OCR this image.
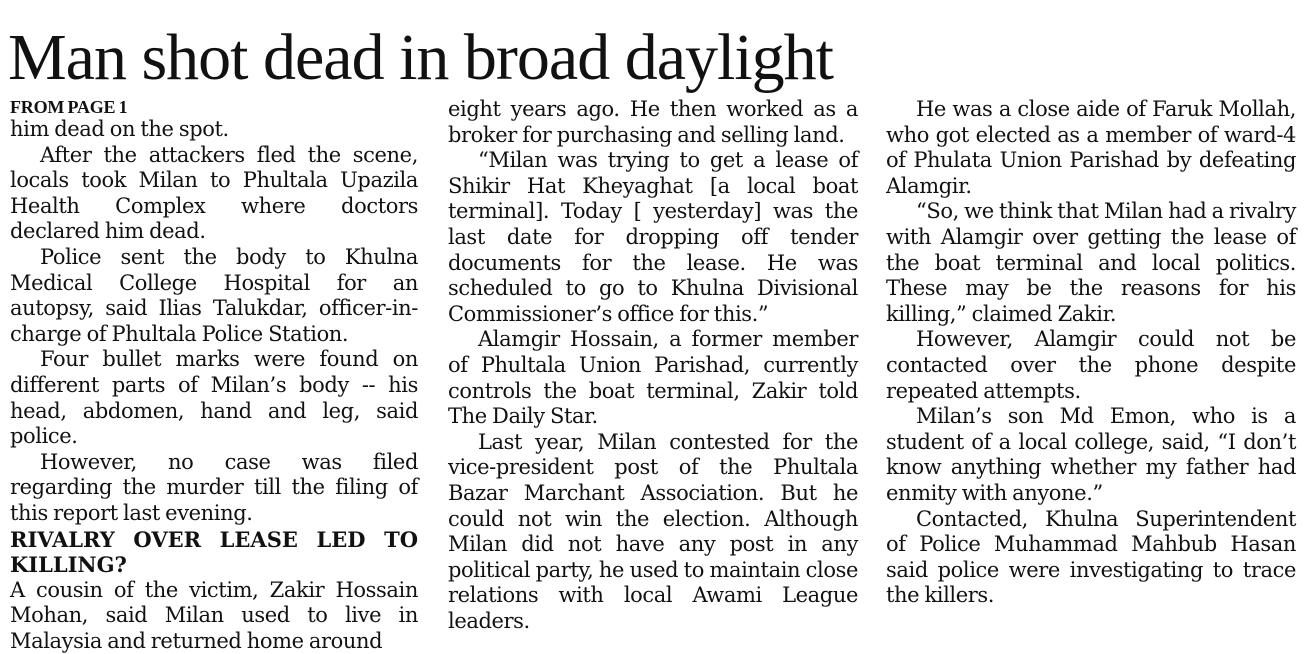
Man shot dead in broad daylight
FROM PAGE 1

him dead on the spot.

After the attackers fled the scene, locals took Milan to Phultala Upazila Health Complex where doctors declared him dead.

Police sent the body to Khulna Medical College Hospital for an autopsy, said Ilias Talukdar, officer-in-charge of Phultala Police Station.

Four bullet marks were found on different parts of Milan’s body -- his head, abdomen, hand and leg, said police.

However, no case was filed regarding the murder till the filing of this report last evening.

RIVALRY OVER LEASE LED TO KILLING?

A cousin of the victim, Zakir Hossain Mohan, said Milan used to live in Malaysia and returned home around

eight years ago. He then worked as a broker for purchasing and selling land.

“Milan was trying to get a lease of Shikir Hat Kheyaghat [a local boat terminal]. Today [ yesterday] was the last date for dropping off tender documents for the lease. He was scheduled to go to Khulna Divisional Commissioner’s office for this.”

Alamgir Hossain, a former member of Phultala Union Parishad, currently controls the boat terminal, Zakir told The Daily Star.

Last year, Milan contested for the vice-president post of the Phultala Bazar Marchant Association. But he could not win the election. Although Milan did not have any post in any political party, he used to maintain close relations with local Awami League leaders.

He was a close aide of Faruk Mollah, who got elected as a member of ward-4 of Phulata Union Parishad by defeating Alamgir.

“So, we think that Milan had a rivalry with Alamgir over getting the lease of the boat terminal and local politics. These may be the reasons for his killing,” claimed Zakir.

However, Alamgir could not be contacted over the phone despite repeated attempts.

Milan’s son Md Emon, who is a student of a local college, said, “I don’t know anything whether my father had enmity with anyone.”

Contacted, Khulna Superintendent of Police Muhammad Mahbub Hasan said police were investigating to trace the killers.
